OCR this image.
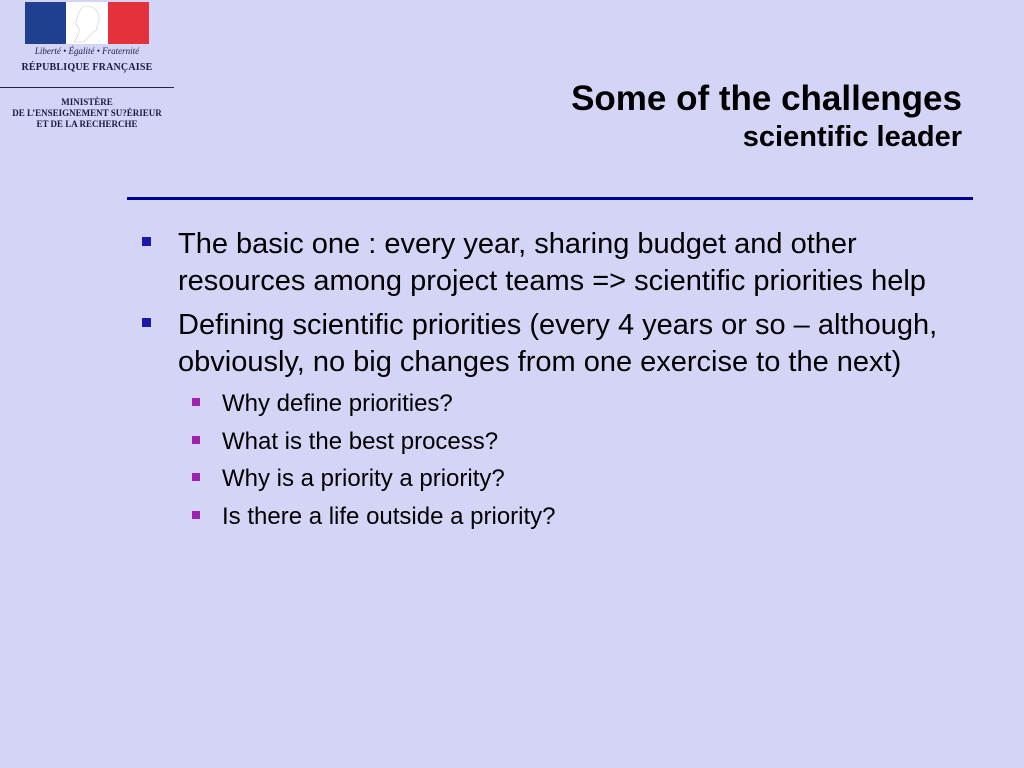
Liberté • Égalité • Fraternité
RÉPUBLIQUE FRANÇAISE
MINISTÈRE
DE L’ENSEIGNEMENT SU?ÉRIEUR
ET DE LA RECHERCHE
Some of the challenges
scientific leader
The basic one : every year, sharing budget and other resources among project teams => scientific priorities help
Defining scientific priorities (every 4 years or so – although, obviously, no big changes from one exercise to the next)
Why define priorities?
What is the best process?
Why is a priority a priority?
Is there a life outside a priority?
